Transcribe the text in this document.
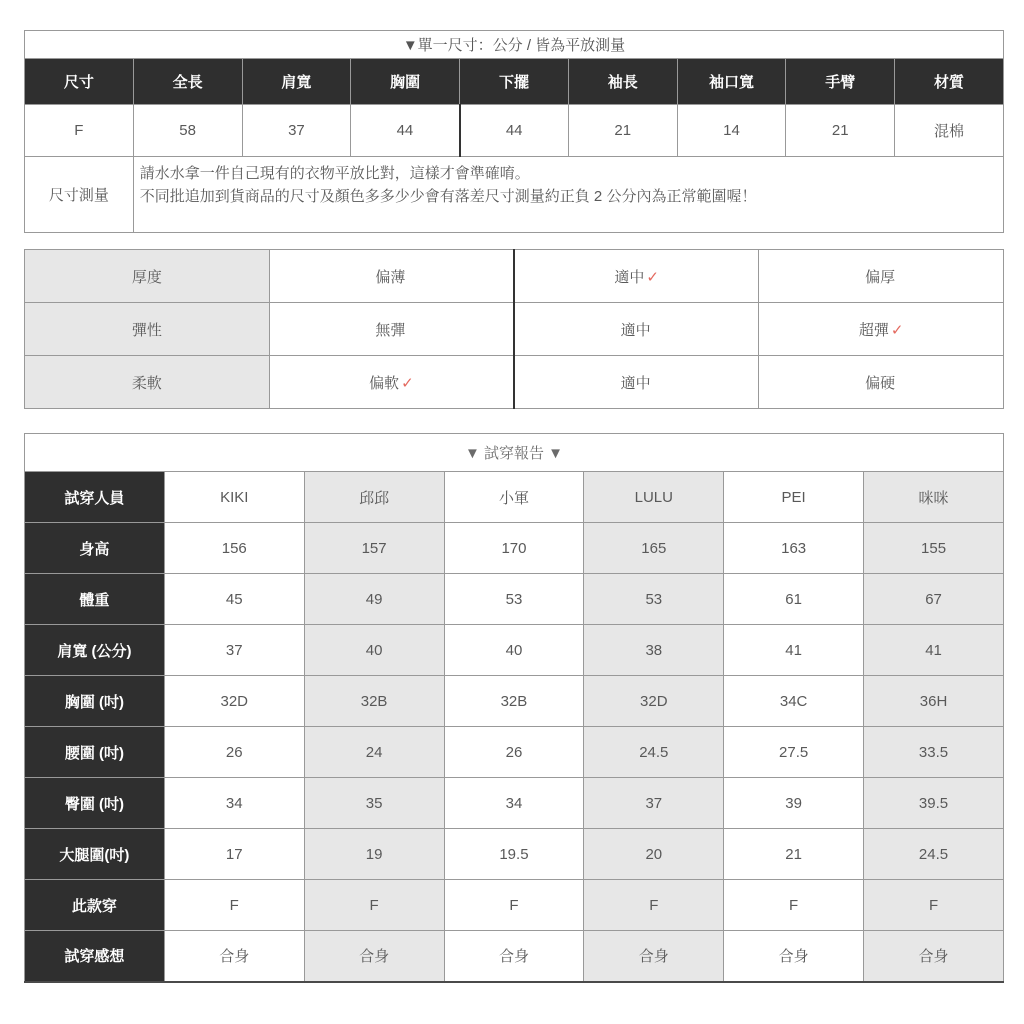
▼單一尺寸：公分 / 皆為平放測量								
尺寸	全長	肩寬	胸圍	下擺	袖長	袖口寬	手臂	材質
F	58	37	44	44	21	14	21	混棉
尺寸測量	請水水拿一件自己現有的衣物平放比對，這樣才會準確唷。
不同批追加到貨商品的尺寸及顏色多多少少會有落差尺寸測量約正負 2 公分內為正常範圍喔！							
厚度	偏薄	適中 ✓	偏厚
彈性	無彈	適中	超彈 ✓
柔軟	偏軟 ✓	適中	偏硬
▼ 試穿報告 ▼						
試穿人員	KIKI	邱邱	小軍	LULU	PEI	咪咪
身高	156	157	170	165	163	155
體重	45	49	53	53	61	67
肩寬 (公分)	37	40	40	38	41	41
胸圍 (吋)	32D	32B	32B	32D	34C	36H
腰圍 (吋)	26	24	26	24.5	27.5	33.5
臀圍 (吋)	34	35	34	37	39	39.5
大腿圍(吋)	17	19	19.5	20	21	24.5
此款穿	F	F	F	F	F	F
試穿感想	合身	合身	合身	合身	合身	合身
